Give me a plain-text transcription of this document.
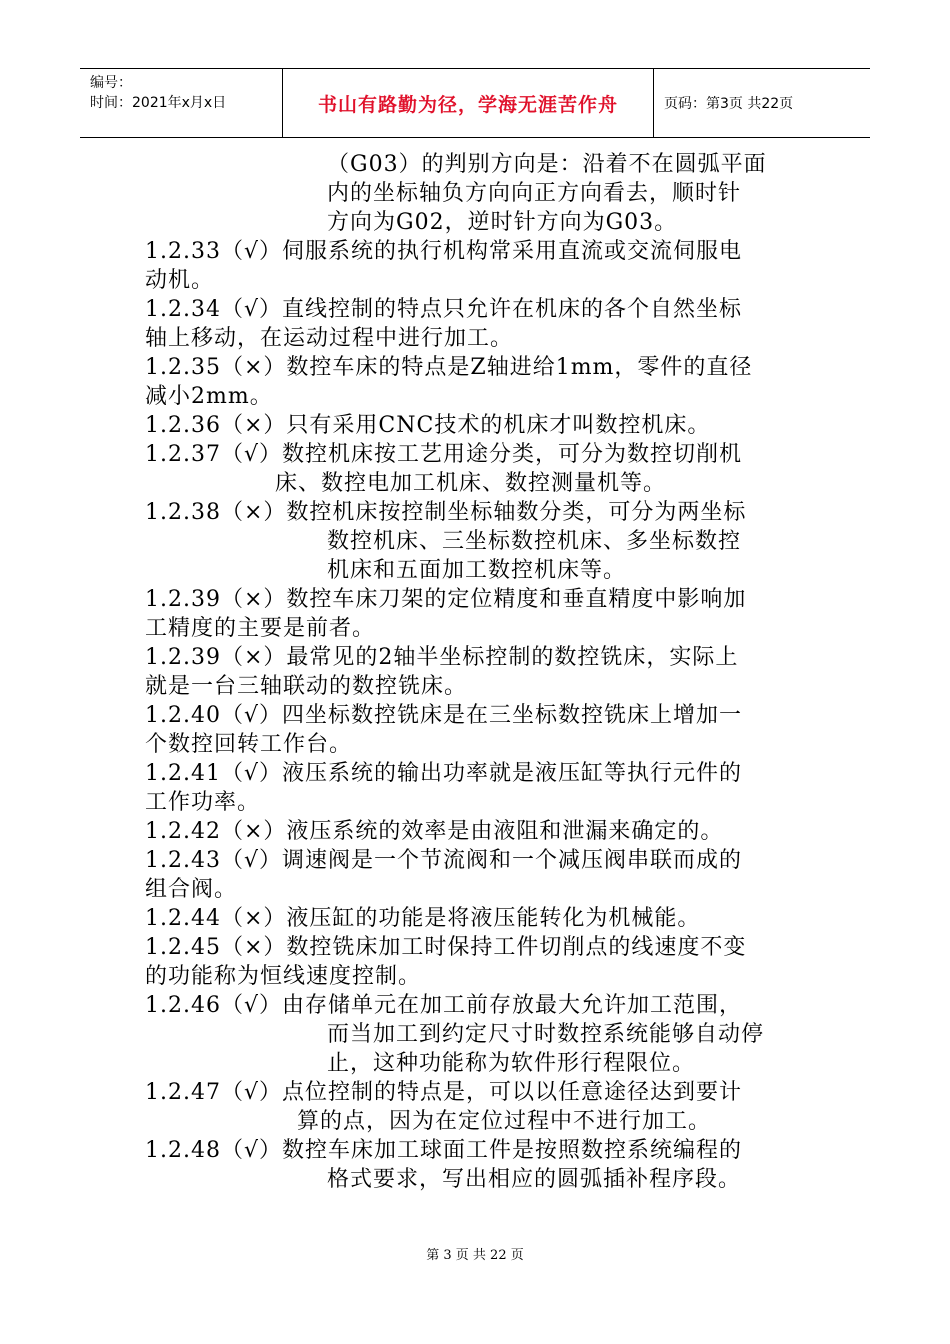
编号：
时间：2021年x月x日	书山有路勤为径，学海无涯苦作舟	页码：第3页 共22页
（G03）的判别方向是：沿着不在圆弧平面
内的坐标轴负方向向正方向看去，顺时针
方向为G02，逆时针方向为G03。
1.2.33（√）伺服系统的执行机构常采用直流或交流伺服电
动机。
1.2.34（√）直线控制的特点只允许在机床的各个自然坐标
轴上移动，在运动过程中进行加工。
1.2.35（×）数控车床的特点是Z轴进给1mm，零件的直径
减小2mm。
1.2.36（×）只有采用CNC技术的机床才叫数控机床。
1.2.37（√）数控机床按工艺用途分类，可分为数控切削机
床、数控电加工机床、数控测量机等。
1.2.38（×）数控机床按控制坐标轴数分类，可分为两坐标
数控机床、三坐标数控机床、多坐标数控
机床和五面加工数控机床等。
1.2.39（×）数控车床刀架的定位精度和垂直精度中影响加
工精度的主要是前者。
1.2.39（×）最常见的2轴半坐标控制的数控铣床，实际上
就是一台三轴联动的数控铣床。
1.2.40（√）四坐标数控铣床是在三坐标数控铣床上增加一
个数控回转工作台。
1.2.41（√）液压系统的输出功率就是液压缸等执行元件的
工作功率。
1.2.42（×）液压系统的效率是由液阻和泄漏来确定的。
1.2.43（√）调速阀是一个节流阀和一个减压阀串联而成的
组合阀。
1.2.44（×）液压缸的功能是将液压能转化为机械能。
1.2.45（×）数控铣床加工时保持工件切削点的线速度不变
的功能称为恒线速度控制。
1.2.46（√）由存储单元在加工前存放最大允许加工范围，
而当加工到约定尺寸时数控系统能够自动停
止，这种功能称为软件形行程限位。
1.2.47（√）点位控制的特点是，可以以任意途径达到要计
算的点，因为在定位过程中不进行加工。
1.2.48（√）数控车床加工球面工件是按照数控系统编程的
格式要求，写出相应的圆弧插补程序段。
第 3 页 共 22 页
